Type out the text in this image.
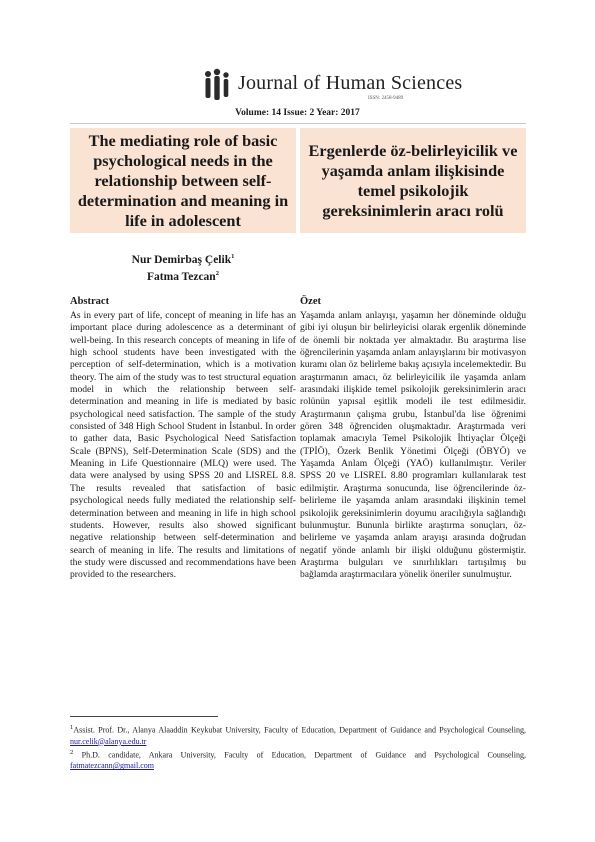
Journal of Human Sciences
ISSN: 2458-9489
Volume: 14 Issue: 2 Year: 2017
The mediating role of basic psychological needs in the relationship between self-determination and meaning in life in adolescent
Ergenlerde öz-belirleyicilik ve yaşamda anlam ilişkisinde temel psikolojik gereksinimlerin aracı rolü
Nur Demirbaş Çelik$^1$
Fatma Tezcan$^2$

Abstract

As in every part of life, concept of meaning in life has an important place during adolescence as a determinant of well-being. In this research concepts of meaning in life of high school students have been investigated with the perception of self-determination, which is a motivation theory. The aim of the study was to test structural equation model in which the relationship between self-determination and meaning in life is mediated by basic psychological need satisfaction. The sample of the study consisted of 348 High School Student in İstanbul. In order to gather data, Basic Psychological Need Satisfaction Scale (BPNS), Self-Determination Scale (SDS) and the Meaning in Life Questionnaire (MLQ) were used. The data were analysed by using SPSS 20 and LISREL 8.8. The results revealed that satisfaction of basic psychological needs fully mediated the relationship self-determination between and meaning in life in high school students. However, results also showed significant negative relationship between self-determination and search of meaning in life. The results and limitations of the study were discussed and recommendations have been provided to the researchers.

Özet

Yaşamda anlam anlayışı, yaşamın her döneminde olduğu gibi iyi oluşun bir belirleyicisi olarak ergenlik döneminde de önemli bir noktada yer almaktadır. Bu araştırma lise öğrencilerinin yaşamda anlam anlayışlarını bir motivasyon kuramı olan öz belirleme bakış açısıyla incelemektedir. Bu araştırmanın amacı, öz belirleyicilik ile yaşamda anlam arasındaki ilişkide temel psikolojik gereksinimlerin aracı rolünün yapısal eşitlik modeli ile test edilmesidir. Araştırmanın çalışma grubu, İstanbul'da lise öğrenimi gören 348 öğrenciden oluşmaktadır. Araştırmada veri toplamak amacıyla Temel Psikolojik İhtiyaçlar Ölçeği (TPİÖ), Özerk Benlik Yönetimi Ölçeği (ÖBYÖ) ve Yaşamda Anlam Ölçeği (YAÖ) kullanılmıştır. Veriler SPSS 20 ve LISREL 8.80 programları kullanılarak test edilmiştir. Araştırma sonucunda, lise öğrencilerinde öz-belirleme ile yaşamda anlam arasındaki ilişkinin temel psikolojik gereksinimlerin doyumu aracılığıyla sağlandığı bulunmuştur. Bununla birlikte araştırma sonuçları, öz- belirleme ve yaşamda anlam arayışı arasında doğrudan negatif yönde anlamlı bir ilişki olduğunu göstermiştir. Araştırma bulguları ve sınırlılıkları tartışılmış bu bağlamda araştırmacılara yönelik öneriler sunulmuştur.

$^1$Assist. Prof. Dr., Alanya Alaaddin Keykubat University, Faculty of Education, Department of Guidance and Psychological Counseling, nur.celik@alanya.edu.tr

$^2$ Ph.D. candidate, Ankara University, Faculty of Education, Department of Guidance and Psychological Counseling, fatmatezcann@gmail.com
